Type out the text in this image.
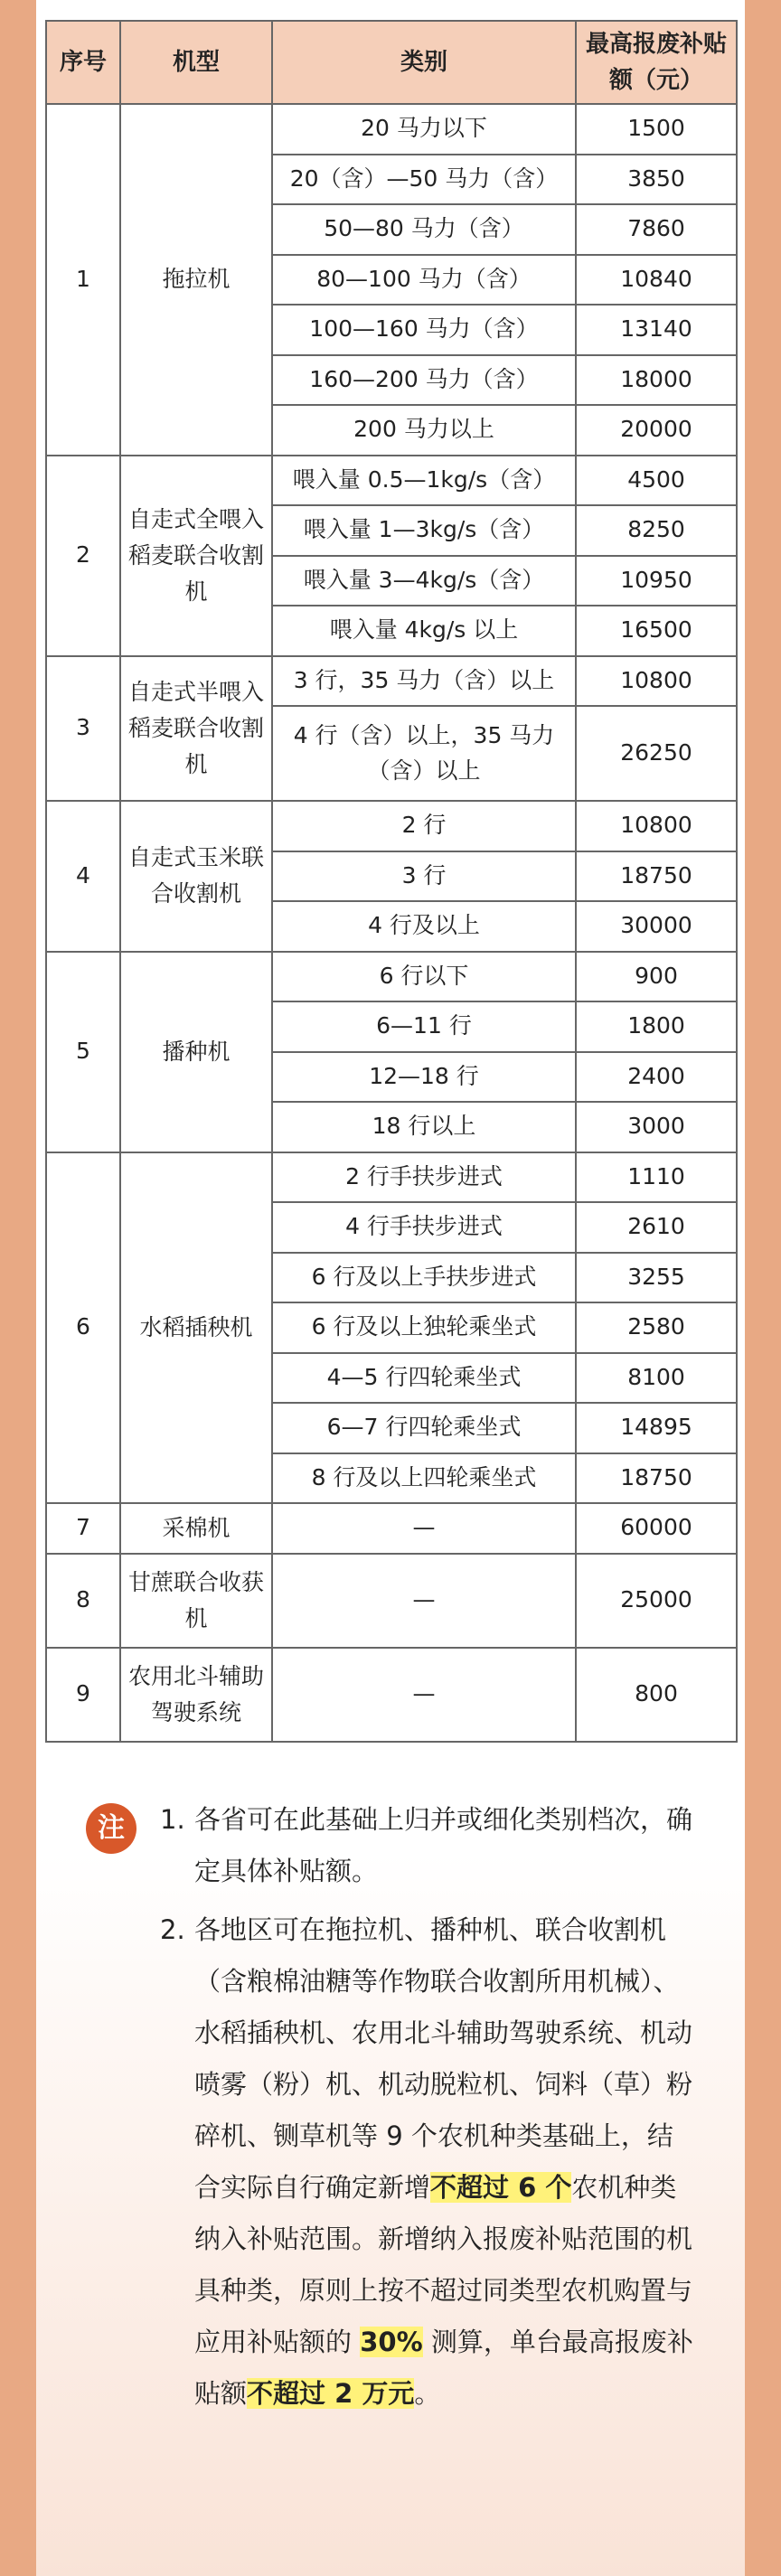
序号	机型	类别	最高报废补贴额（元）
1	拖拉机	20 马力以下	1500
		20（含）—50 马力（含）	3850
		50—80 马力（含）	7860
		80—100 马力（含）	10840
		100—160 马力（含）	13140
		160—200 马力（含）	18000
		200 马力以上	20000
2	自走式全喂入稻麦联合收割机	喂入量 0.5—1kg/s（含）	4500
		喂入量 1—3kg/s（含）	8250
		喂入量 3—4kg/s（含）	10950
		喂入量 4kg/s 以上	16500
3	自走式半喂入稻麦联合收割机	3 行，35 马力（含）以上	10800
		4 行（含）以上，35 马力（含）以上	26250
4	自走式玉米联合收割机	2 行	10800
		3 行	18750
		4 行及以上	30000
5	播种机	6 行以下	900
		6—11 行	1800
		12—18 行	2400
		18 行以上	3000
6	水稻插秧机	2 行手扶步进式	1110
		4 行手扶步进式	2610
		6 行及以上手扶步进式	3255
		6 行及以上独轮乘坐式	2580
		4—5 行四轮乘坐式	8100
		6—7 行四轮乘坐式	14895
		8 行及以上四轮乘坐式	18750
7	采棉机	—	60000
8	甘蔗联合收获机	—	25000
9	农用北斗辅助驾驶系统	—	800
注	1. 各省可在此基础上归并或细化类别档次，确定具体补贴额。
2. 各地区可在拖拉机、播种机、联合收割机（含粮棉油糖等作物联合收割所用机械）、水稻插秧机、农用北斗辅助驾驶系统、机动喷雾（粉）机、机动脱粒机、饲料（草）粉碎机、铡草机等 9 个农机种类基础上，结合实际自行确定新增不超过 6 个农机种类纳入补贴范围。新增纳入报废补贴范围的机具种类，原则上按不超过同类型农机购置与应用补贴额的 30% 测算，单台最高报废补贴额不超过 2 万元。
